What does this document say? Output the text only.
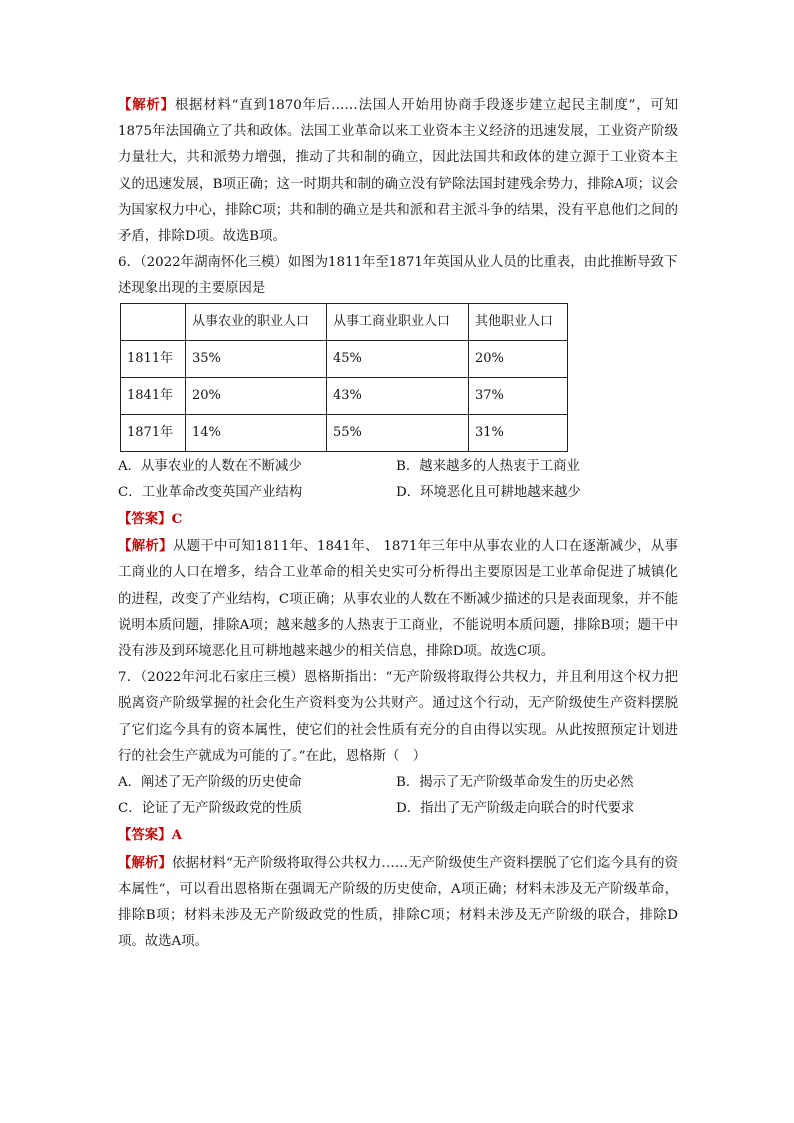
【解析】根据材料“直到1870年后……法国人开始用协商手段逐步建立起民主制度”，可知1875年法国确立了共和政体。法国工业革命以来工业资本主义经济的迅速发展，工业资产阶级力量壮大，共和派势力增强，推动了共和制的确立，因此法国共和政体的建立源于工业资本主义的迅速发展，B项正确；这一时期共和制的确立没有铲除法国封建残余势力，排除A项；议会为国家权力中心，排除C项；共和制的确立是共和派和君主派斗争的结果，没有平息他们之间的矛盾，排除D项。故选B项。

6．（2022年湖南怀化三模）如图为1811年至1871年英国从业人员的比重表，由此推断导致下述现象出现的主要原因是

	从事农业的职业人口	从事工商业职业人口	其他职业人口
1811年	35%	45%	20%
1841年	20%	43%	37%
1871年	14%	55%	31%
A．从事农业的人数在不断减少	B．越来越多的人热衷于工商业
C．工业革命改变英国产业结构	D．环境恶化且可耕地越来越少

【答案】C

【解析】从题干中可知1811年、1841年、 1871年三年中从事农业的人口在逐渐减少，从事工商业的人口在增多，结合工业革命的相关史实可分析得出主要原因是工业革命促进了城镇化的进程，改变了产业结构，C项正确；从事农业的人数在不断减少描述的只是表面现象，并不能说明本质问题，排除A项；越来越多的人热衷于工商业，不能说明本质问题，排除B项；题干中没有涉及到环境恶化且可耕地越来越少的相关信息，排除D项。故选C项。

7．（2022年河北石家庄三模）恩格斯指出：“无产阶级将取得公共权力，并且利用这个权力把脱离资产阶级掌握的社会化生产资料变为公共财产。通过这个行动，无产阶级使生产资料摆脱了它们迄今具有的资本属性，使它们的社会性质有充分的自由得以实现。从此按照预定计划进行的社会生产就成为可能的了。”在此，恩格斯（　）

A．阐述了无产阶级的历史使命	B．揭示了无产阶级革命发生的历史必然
C．论证了无产阶级政党的性质	D．指出了无产阶级走向联合的时代要求

【答案】A

【解析】依据材料“无产阶级将取得公共权力……无产阶级使生产资料摆脱了它们迄今具有的资本属性”，可以看出恩格斯在强调无产阶级的历史使命，A项正确；材料未涉及无产阶级革命，排除B项；材料未涉及无产阶级政党的性质，排除C项；材料未涉及无产阶级的联合，排除D项。故选A项。
